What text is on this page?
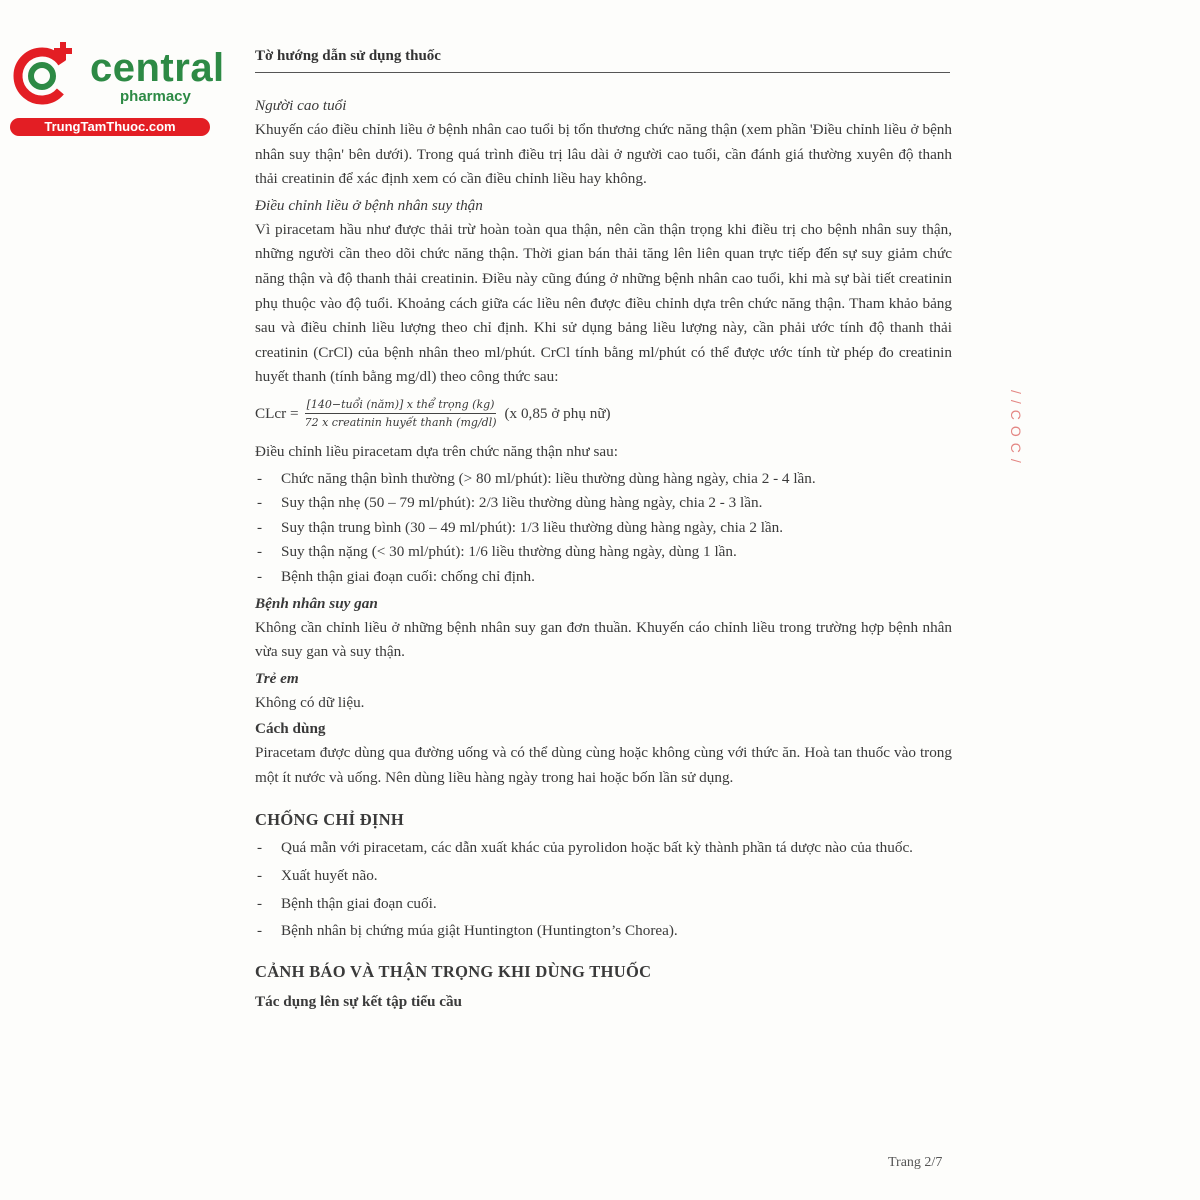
central
pharmacy
TrungTamThuoc.com
Tờ hướng dẫn sử dụng thuốc

Người cao tuổi

Khuyến cáo điều chỉnh liều ở bệnh nhân cao tuổi bị tổn thương chức năng thận (xem phần 'Điều chỉnh liều ở bệnh nhân suy thận' bên dưới). Trong quá trình điều trị lâu dài ở người cao tuổi, cần đánh giá thường xuyên độ thanh thải creatinin để xác định xem có cần điều chỉnh liều hay không.

Điều chỉnh liều ở bệnh nhân suy thận

Vì piracetam hầu như được thải trừ hoàn toàn qua thận, nên cần thận trọng khi điều trị cho bệnh nhân suy thận, những người cần theo dõi chức năng thận. Thời gian bán thải tăng lên liên quan trực tiếp đến sự suy giảm chức năng thận và độ thanh thải creatinin. Điều này cũng đúng ở những bệnh nhân cao tuổi, khi mà sự bài tiết creatinin phụ thuộc vào độ tuổi. Khoảng cách giữa các liều nên được điều chỉnh dựa trên chức năng thận. Tham khảo bảng sau và điều chỉnh liều lượng theo chỉ định. Khi sử dụng bảng liều lượng này, cần phải ước tính độ thanh thải creatinin (CrCl) của bệnh nhân theo ml/phút. CrCl tính bằng ml/phút có thể được ước tính từ phép đo creatinin huyết thanh (tính bằng mg/dl) theo công thức sau:

CLcr = $\frac{\text{[140−tuổi (năm)] x thể trọng (kg)}}{\text{72 x creatinin huyết thanh (mg/dl)}} (x$ 0,85 ở phụ nữ)

Điều chỉnh liều piracetam dựa trên chức năng thận như sau:

- Chức năng thận bình thường (> 80 ml/phút): liều thường dùng hàng ngày, chia 2 - 4 lần.
- Suy thận nhẹ (50 – 79 ml/phút): 2/3 liều thường dùng hàng ngày, chia 2 - 3 lần.
- Suy thận trung bình (30 – 49 ml/phút): 1/3 liều thường dùng hàng ngày, chia 2 lần.
- Suy thận nặng (< 30 ml/phút): 1/6 liều thường dùng hàng ngày, dùng 1 lần.
- Bệnh thận giai đoạn cuối: chống chỉ định.

Bệnh nhân suy gan

Không cần chỉnh liều ở những bệnh nhân suy gan đơn thuần. Khuyến cáo chỉnh liều trong trường hợp bệnh nhân vừa suy gan và suy thận.

Trẻ em

Không có dữ liệu.

Cách dùng

Piracetam được dùng qua đường uống và có thể dùng cùng hoặc không cùng với thức ăn. Hoà tan thuốc vào trong một ít nước và uống. Nên dùng liều hàng ngày trong hai hoặc bốn lần sử dụng.

CHỐNG CHỈ ĐỊNH

- Quá mẫn với piracetam, các dẫn xuất khác của pyrolidon hoặc bất kỳ thành phần tá dược nào của thuốc.
- Xuất huyết não.
- Bệnh thận giai đoạn cuối.
- Bệnh nhân bị chứng múa giật Huntington (Huntington’s Chorea).

CẢNH BÁO VÀ THẬN TRỌNG KHI DÙNG THUỐC

Tác dụng lên sự kết tập tiểu cầu

//COC/
Trang 2/7
